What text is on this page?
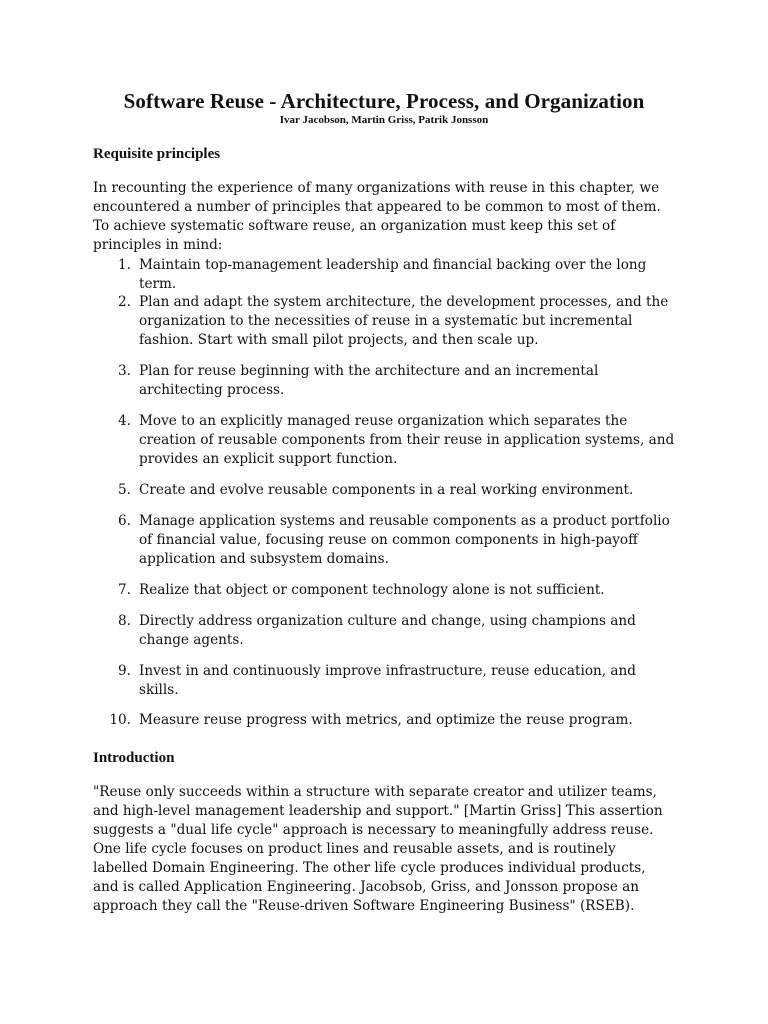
Software Reuse - Architecture, Process, and Organization
Ivar Jacobson, Martin Griss, Patrik Jonsson
Requisite principles
In recounting the experience of many organizations with reuse in this chapter, we
encountered a number of principles that appeared to be common to most of them.
To achieve systematic software reuse, an organization must keep this set of
principles in mind:
1. Maintain top-management leadership and financial backing over the long
term.
2. Plan and adapt the system architecture, the development processes, and the
organization to the necessities of reuse in a systematic but incremental
fashion. Start with small pilot projects, and then scale up.
3. Plan for reuse beginning with the architecture and an incremental
architecting process.
4. Move to an explicitly managed reuse organization which separates the
creation of reusable components from their reuse in application systems, and
provides an explicit support function.
5. Create and evolve reusable components in a real working environment.
6. Manage application systems and reusable components as a product portfolio
of financial value, focusing reuse on common components in high-payoff
application and subsystem domains.
7. Realize that object or component technology alone is not sufficient.
8. Directly address organization culture and change, using champions and
change agents.
9. Invest in and continuously improve infrastructure, reuse education, and
skills.
10. Measure reuse progress with metrics, and optimize the reuse program.
Introduction
"Reuse only succeeds within a structure with separate creator and utilizer teams,
and high-level management leadership and support." [Martin Griss] This assertion
suggests a "dual life cycle" approach is necessary to meaningfully address reuse.
One life cycle focuses on product lines and reusable assets, and is routinely
labelled Domain Engineering. The other life cycle produces individual products,
and is called Application Engineering. Jacobsob, Griss, and Jonsson propose an
approach they call the "Reuse-driven Software Engineering Business" (RSEB).
